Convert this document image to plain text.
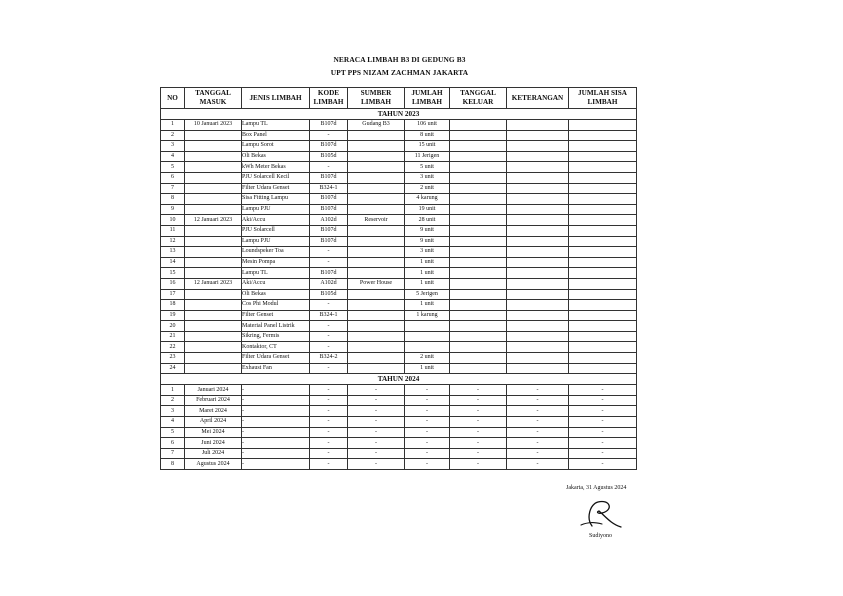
NERACA LIMBAH B3 DI GEDUNG B3
UPT PPS NIZAM ZACHMAN JAKARTA
NO	TANGGAL MASUK	JENIS LIMBAH	KODE LIMBAH	SUMBER LIMBAH	JUMLAH LIMBAH	TANGGAL KELUAR	KETERANGAN	JUMLAH SISA LIMBAH
TAHUN 2023								
1	10 Januari 2023	Lampu TL	B107d	Gudang B3	106 unit			
2		Box Panel	-		8 unit			
3		Lampu Sorot	B107d		15 unit			
4		Oli Bekas	B105d		11 Jerigen			
5		kWh Meter Bekas	-		5 unit			
6		PJU Solarcell Kecil	B107d		3 unit			
7		Filter Udara Genset	B324-1		2 unit			
8		Sisa Fitting Lampu	B107d		4 karung			
9		Lampu PJU	B107d		19 unit			
10	12 Januari 2023	Aki/Accu	A102d	Reservoir	28 unit			
11		PJU Solarcell	B107d		9 unit			
12		Lampu PJU	B107d		9 unit			
13		Loundspeker Toa	-		3 unit			
14		Mesin Pompa	-		1 unit			
15		Lampu TL	B107d		1 unit			
16	12 Januari 2023	Aki/Accu	A102d	Power House	1 unit			
17		Oli Bekas	B105d		5 Jerigen			
18		Cos Phi Modul	-		1 unit			
19		Filter Genset	B324-1		1 karung			
20		Material Panel Listrik	-					
21		Sikring, Fermis	-					
22		Kontaktor, CT	-					
23		Filter Udara Genset	B324-2		2 unit			
24		Exhaust Fan	-		1 unit			
TAHUN 2024								
1	Januari 2024	-	-	-	-	-	-	-
2	Februari 2024	-	-	-	-	-	-	-
3	Maret 2024	-	-	-	-	-	-	-
4	April 2024	-	-	-	-	-	-	-
5	Mei 2024	-	-	-	-	-	-	-
6	Juni 2024	-	-	-	-	-	-	-
7	Juli 2024	-	-	-	-	-	-	-
8	Agustus 2024	-	-	-	-	-	-	-
Jakarta, 31 Agustus 2024
Sudiyono
